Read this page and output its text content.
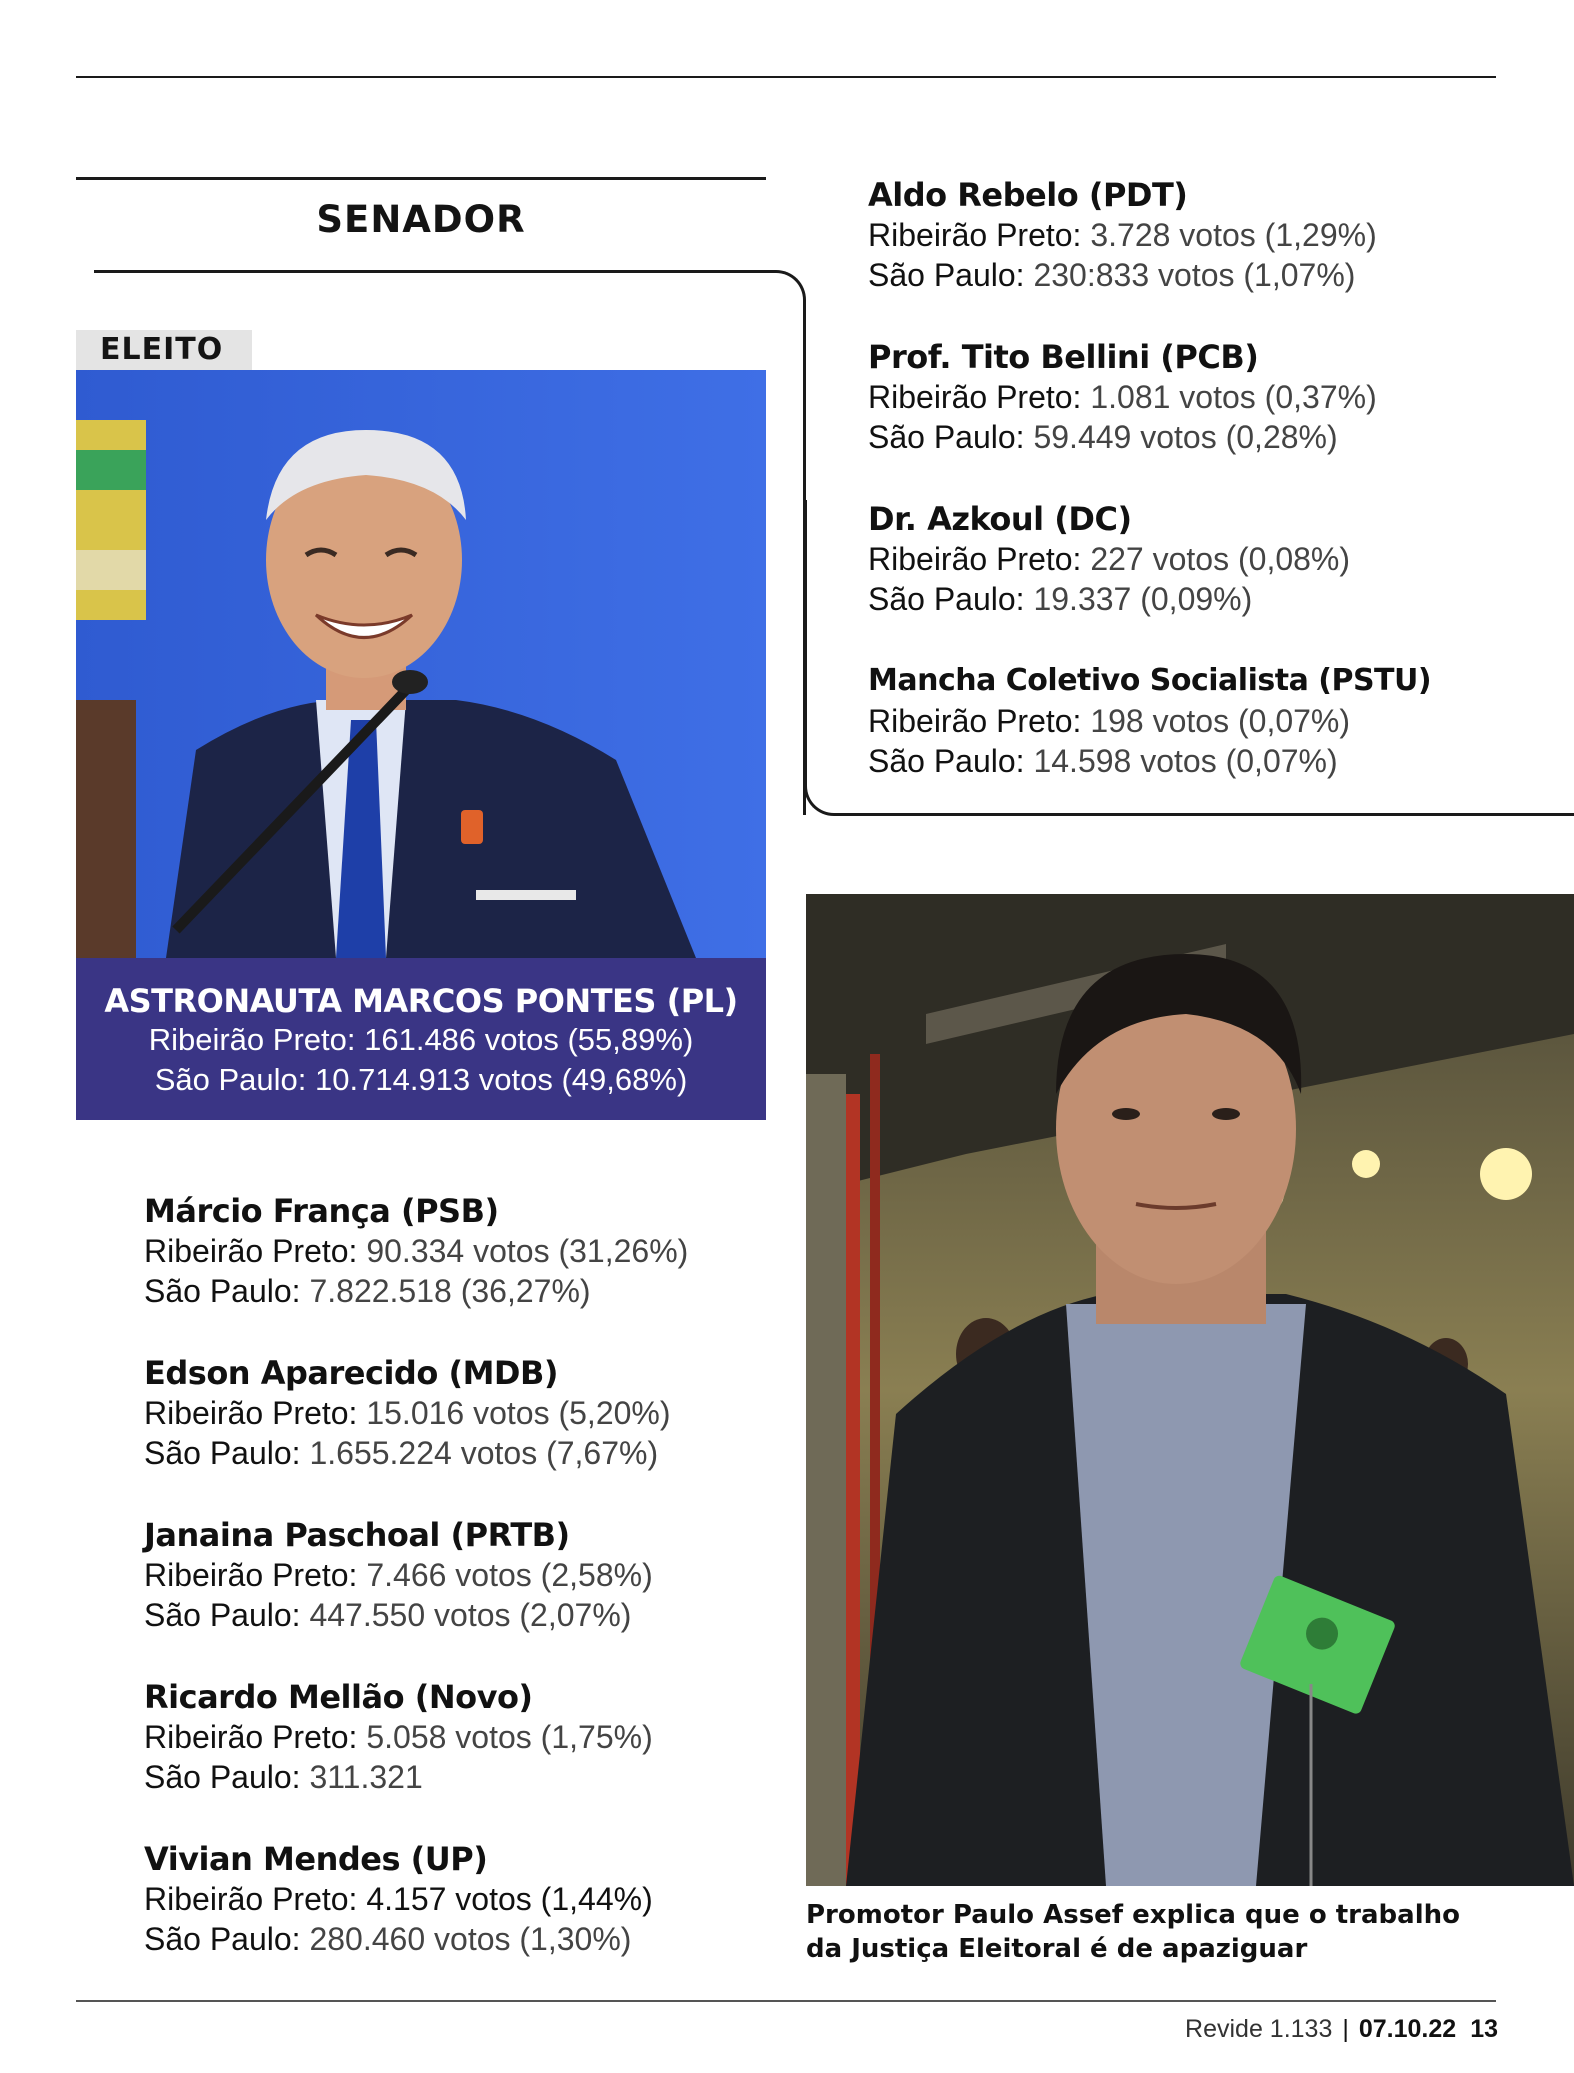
SENADOR
ELEITO
ASTRONAUTA MARCOS PONTES (PL)
Ribeirão Preto: 161.486 votos (55,89%)
São Paulo: 10.714.913 votos (49,68%)
Aldo Rebelo (PDT)
Ribeirão Preto: 3.728 votos (1,29%)
São Paulo: 230:833 votos (1,07%)
Prof. Tito Bellini (PCB)
Ribeirão Preto: 1.081 votos (0,37%)
São Paulo: 59.449 votos (0,28%)
Dr. Azkoul (DC)
Ribeirão Preto: 227 votos (0,08%)
São Paulo: 19.337 (0,09%)
Mancha Coletivo Socialista (PSTU)
Ribeirão Preto: 198 votos (0,07%)
São Paulo: 14.598 votos (0,07%)
Márcio França (PSB)
Ribeirão Preto: 90.334 votos (31,26%)
São Paulo: 7.822.518 (36,27%)
Edson Aparecido (MDB)
Ribeirão Preto: 15.016 votos (5,20%)
São Paulo: 1.655.224 votos (7,67%)
Janaina Paschoal (PRTB)
Ribeirão Preto: 7.466 votos (2,58%)
São Paulo: 447.550 votos (2,07%)
Ricardo Mellão (Novo)
Ribeirão Preto: 5.058 votos (1,75%)
São Paulo: 311.321
Vivian Mendes (UP)
Ribeirão Preto: 4.157 votos (1,44%)
São Paulo: 280.460 votos (1,30%)
Promotor Paulo Assef explica que o trabalho
da Justiça Eleitoral é de apaziguar
Revide 1.133 | 07.10.22 13
